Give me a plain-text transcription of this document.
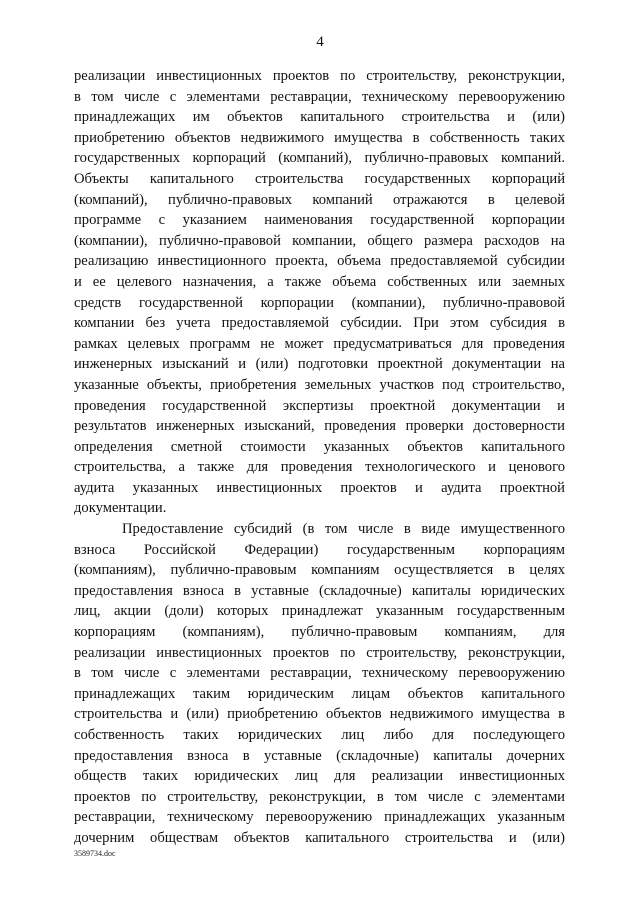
4
реализации инвестиционных проектов по строительству, реконструкции,
в том числе с элементами реставрации, техническому перевооружению
принадлежащих им объектов капитального строительства и (или)
приобретению объектов недвижимого имущества в собственность таких
государственных корпораций (компаний), публично-правовых компаний.
Объекты капитального строительства государственных корпораций
(компаний), публично-правовых компаний отражаются в целевой
программе с указанием наименования государственной корпорации
(компании), публично-правовой компании, общего размера расходов на
реализацию инвестиционного проекта, объема предоставляемой субсидии
и ее целевого назначения, а также объема собственных или заемных
средств государственной корпорации (компании), публично-правовой
компании без учета предоставляемой субсидии. При этом субсидия в
рамках целевых программ не может предусматриваться для проведения
инженерных изысканий и (или) подготовки проектной документации на
указанные объекты, приобретения земельных участков под строительство,
проведения государственной экспертизы проектной документации и
результатов инженерных изысканий, проведения проверки достоверности
определения сметной стоимости указанных объектов капитального
строительства, а также для проведения технологического и ценового
аудита указанных инвестиционных проектов и аудита проектной
документации.
Предоставление субсидий (в том числе в виде имущественного
взноса Российской Федерации) государственным корпорациям
(компаниям), публично-правовым компаниям осуществляется в целях
предоставления взноса в уставные (складочные) капиталы юридических
лиц, акции (доли) которых принадлежат указанным государственным
корпорациям (компаниям), публично-правовым компаниям, для
реализации инвестиционных проектов по строительству, реконструкции,
в том числе с элементами реставрации, техническому перевооружению
принадлежащих таким юридическим лицам объектов капитального
строительства и (или) приобретению объектов недвижимого имущества в
собственность таких юридических лиц либо для последующего
предоставления взноса в уставные (складочные) капиталы дочерних
обществ таких юридических лиц для реализации инвестиционных
проектов по строительству, реконструкции, в том числе с элементами
реставрации, техническому перевооружению принадлежащих указанным
дочерним обществам объектов капитального строительства и (или)
3589734.doc
